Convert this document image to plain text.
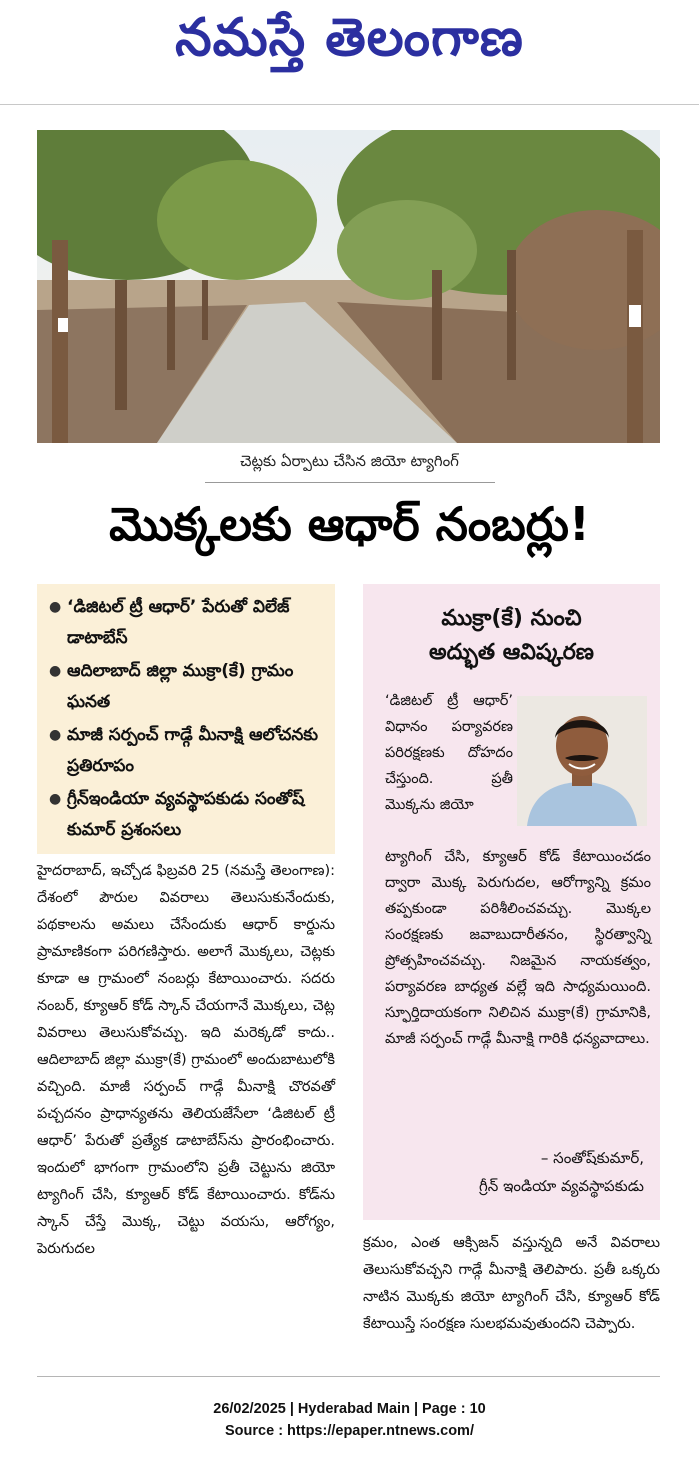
నమస్తే తెలంగాణ
చెట్లకు ఏర్పాటు చేసిన జియో ట్యాగింగ్
మొక్కలకు ఆధార్ నంబర్లు!
● ‘డిజిటల్ ట్రీ ఆధార్’ పేరుతో విలేజ్ డాటాబేస్
● ఆదిలాబాద్ జిల్లా ముక్రా(కే) గ్రామం ఘనత
● మాజీ సర్పంచ్ గాడ్గే మీనాక్షి ఆలోచనకు ప్రతిరూపం
● గ్రీన్‌ఇండియా వ్యవస్థాపకుడు సంతోష్ కుమార్ ప్రశంసలు
ముక్రా(కే) నుంచి
అద్భుత ఆవిష్కరణ
‘డిజిటల్ ట్రీ ఆధార్’ విధానం పర్యావరణ పరిరక్షణకు దోహదం చేస్తుంది. ప్రతీ మొక్కను జియో
ట్యాగింగ్ చేసి, క్యూఆర్ కోడ్ కేటాయించడం ద్వారా మొక్క పెరుగుదల, ఆరోగ్యాన్ని క్రమం తప్పకుండా పరిశీలించవచ్చు. మొక్కల సంరక్షణకు జవాబుదారీతనం, స్థిరత్వాన్ని ప్రోత్సహించవచ్చు. నిజమైన నాయకత్వం, పర్యావరణ బాధ్యత వల్లే ఇది సాధ్యమయింది. స్ఫూర్తిదాయకంగా నిలిచిన ముక్రా(కే) గ్రామానికి, మాజీ సర్పంచ్ గాడ్గే మీనాక్షి గారికి ధన్యవాదాలు.
– సంతోష్‌కుమార్,
గ్రీన్ ఇండియా వ్యవస్థాపకుడు
హైదరాబాద్, ఇచ్చోడ ఫిబ్రవరి 25 (నమస్తే తెలంగాణ): దేశంలో పౌరుల వివరాలు తెలుసుకునేందుకు, పథకాలను అమలు చేసేందుకు ఆధార్ కార్డును ప్రామాణికంగా పరిగణిస్తారు. అలాగే మొక్కలు, చెట్లకు కూడా ఆ గ్రామంలో నంబర్లు కేటాయించారు. సదరు నంబర్, క్యూఆర్ కోడ్ స్కాన్ చేయగానే మొక్కలు, చెట్ల వివరాలు తెలుసుకోవచ్చు. ఇది మరెక్కడో కాదు.. ఆదిలాబాద్ జిల్లా ముక్రా(కే) గ్రామంలో అందుబాటులోకి వచ్చింది. మాజీ సర్పంచ్ గాడ్గే మీనాక్షి చొరవతో పచ్చదనం ప్రాధాన్యతను తెలియజేసేలా ‘డిజిటల్ ట్రీ ఆధార్’ పేరుతో ప్రత్యేక డాటాబేస్‌ను ప్రారంభించారు. ఇందులో భాగంగా గ్రామంలోని ప్రతీ చెట్టును జియో ట్యాగింగ్ చేసి, క్యూఆర్ కోడ్ కేటాయించారు. కోడ్‌ను స్కాన్ చేస్తే మొక్క, చెట్టు వయసు, ఆరోగ్యం, పెరుగుదల	క్రమం, ఎంత ఆక్సిజన్ వస్తున్నది అనే వివరాలు తెలుసుకోవచ్చని గాడ్గే మీనాక్షి తెలిపారు. ప్రతీ ఒక్కరు నాటిన మొక్కకు జియో ట్యాగింగ్ చేసి, క్యూఆర్ కోడ్ కేటాయిస్తే సంరక్షణ సులభమవుతుందని చెప్పారు.
26/02/2025 | Hyderabad Main | Page : 10
Source : https://epaper.ntnews.com/
